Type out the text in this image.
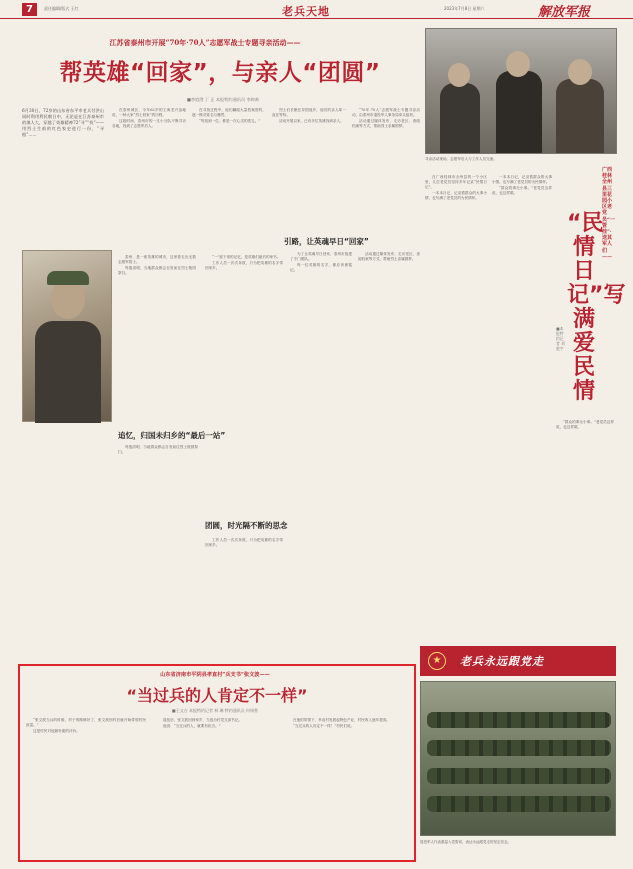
7	责任编辑/版式 王红	老兵天地	2023年7月8日 星期六	解放军报
江苏省泰州市开展“70年·70人”志愿军战士专题寻亲活动——
帮英雄“回家”，与亲人“团圆”
■李庭澄 丁 正 本报特约通讯员 李帅帅
6月30日，72岁的山东省东平市老兵付洪山同时利用利民朝日中，无论是在江苏泰州市的填人大，穿越了英雄精神72“寻”“找”——用烈士生前的红色家史进行一份，“寻根”……

在泰州城区，今年62岁的王海龙兴奋地说，一种大家“烈士回家”的历程。

这段时间，泰州市的一支小分队不断寻访各地，找到了志愿军后人。

在寻找过程中，他们翻阅大量档案资料，逐一核对姓名与籍贯。

“每找到一位，都是一次心灵的洗礼。”

烈士们长眠在异国他乡，他们的亲人却一直在等待。

活动开展以来，已有多位英雄找到亲人。

“70年·70人”志愿军战士专题寻亲活动，由泰州市退役军人事务局牵头组织。

活动通过媒体发布、走访老区、查阅档案等方式，帮助烈士亲属圆梦。

寻亲活动现场，志愿军后人与工作人员交流。
追忆，归国未归乡的“最后一站”
团圆，时光隔不断的思念
引路，让英魂早日“回家”

泰州，是一座英雄的城市，这里曾走出无数志愿军将士。

每逢清明，当地群众都会自发前往烈士陵园祭扫。

每逢清明，当地群众都会自发前往烈士陵园祭扫。

“一”留下来的记忆，是英雄们最后的家书。

工作人员一次次奔波，只为把英雄的名字带回家乡。

工作人员一次次奔波，只为把英雄的名字带回家乡。

为了让英魂早日回家，泰州市组建了专门团队。

每一位英雄的名字，都应该被铭记。

活动通过媒体发布、走访老区、查阅档案等方式，帮助烈士亲属圆梦。

在广西桂林市全州县的一个小区里，几位老党员坚持多年记录“民情日记”。

一本本日记，记录着群众的大事小情，也写满了老党员的为民情怀。

一本本日记，记录着群众的大事小情，也写满了老党员的为民情怀。

“群众的事无小事。”老党员这样说，也这样做。

“群众的事无小事。”老党员这样说，也这样做。

广西桂林全州县三里花园小区老党员“一管挂”·送其军人们——
“民情日记”写满爱民情
■本报特约记者 刘庭宇
★	老兵永远跟党走
退役军人代表重温入党誓词，表达永远跟党走的坚定信念。
山东省济南市平阴县孝直村“兵支书”张文波——
“当过兵的人肯定不一样”
■王文吉 本报特约记者 林 琳 特约通讯员 何锡香

“张文波当兵的时候，村子的路修好了，张文波回村后就开始带领村民致富。”

这是村民对他最朴素的评价。

退伍后，张文波回到家乡，当选为村党支部书记。

他说：“当过兵的人，就要有担当。”

在他的带领下，孝直村发展起特色产业，村民收入逐年提高。

“当过兵的人肯定不一样！”村民们说。
